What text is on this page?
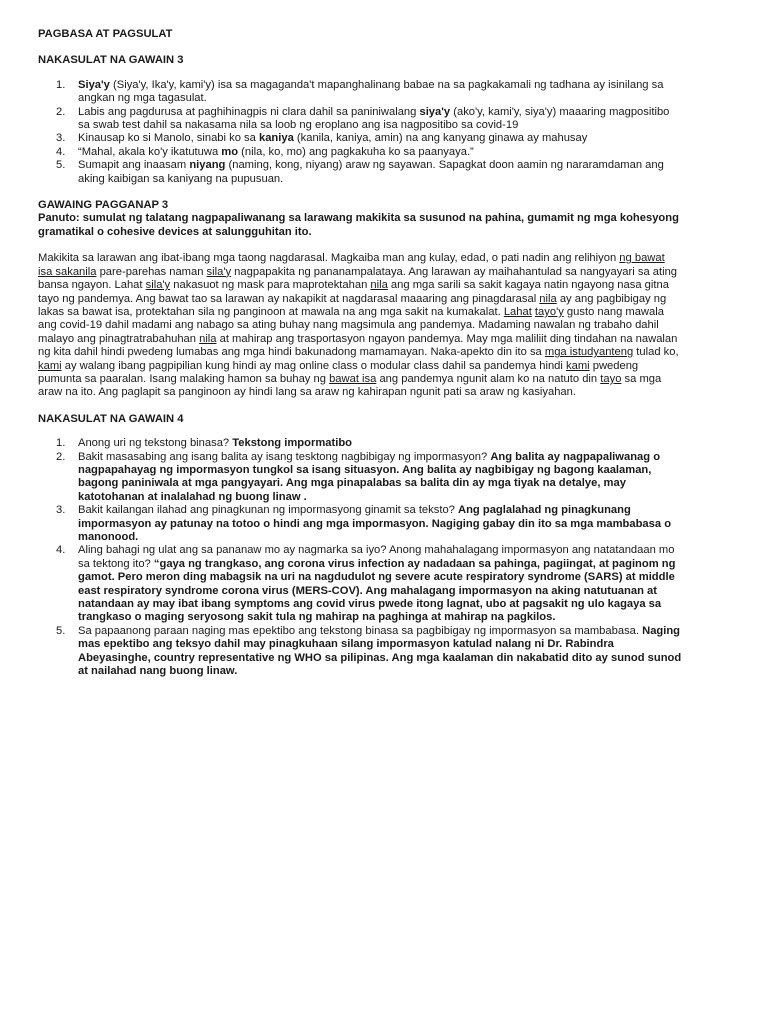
PAGBASA AT PAGSULAT

NAKASULAT NA GAWAIN 3

1. Siya'y (Siya'y, Ika'y, kami'y) isa sa magaganda't mapanghalinang babae na sa pagkakamali ng tadhana ay isinilang sa angkan ng mga tagasulat.
2. Labis ang pagdurusa at paghihinagpis ni clara dahil sa paniniwalang siya'y (ako'y, kami'y, siya'y) maaaring magpositibo sa swab test dahil sa nakasama nila sa loob ng eroplano ang isa nagpositibo sa covid-19
3. Kinausap ko si Manolo, sinabi ko sa kaniya (kanila, kaniya, amin) na ang kanyang ginawa ay mahusay
4. “Mahal, akala ko'y ikatutuwa mo (nila, ko, mo) ang pagkakuha ko sa paanyaya.”
5. Sumapit ang inaasam niyang (naming, kong, niyang) araw ng sayawan. Sapagkat doon aamin ng nararamdaman ang aking kaibigan sa kaniyang na pupusuan.

GAWAING PAGGANAP 3

Panuto: sumulat ng talatang nagpapaliwanang sa larawang makikita sa susunod na pahina, gumamit ng mga kohesyong gramatikal o cohesive devices at salungguhitan ito.

Makikita sa larawan ang ibat-ibang mga taong nagdarasal. Magkaiba man ang kulay, edad, o pati nadin ang relihiyon ng bawat isa sakanila pare-parehas naman sila'y nagpapakita ng pananampalataya. Ang larawan ay maihahantulad sa nangyayari sa ating bansa ngayon. Lahat sila'y nakasuot ng mask para maprotektahan nila ang mga sarili sa sakit kagaya natin ngayong nasa gitna tayo ng pandemya. Ang bawat tao sa larawan ay nakapikit at nagdarasal maaaring ang pinagdarasal nila ay ang pagbibigay ng lakas sa bawat isa, protektahan sila ng panginoon at mawala na ang mga sakit na kumakalat. Lahat tayo'y gusto nang mawala ang covid-19 dahil madami ang nabago sa ating buhay nang magsimula ang pandemya. Madaming nawalan ng trabaho dahil malayo ang pinagtratrabahuhan nila at mahirap ang trasportasyon ngayon pandemya. May mga maliliit ding tindahan na nawalan ng kita dahil hindi pwedeng lumabas ang mga hindi bakunadong mamamayan. Naka-apekto din ito sa mga istudyanteng tulad ko, kami ay walang ibang pagpipilian kung hindi ay mag online class o modular class dahil sa pandemya hindi kami pwedeng pumunta sa paaralan. Isang malaking hamon sa buhay ng bawat isa ang pandemya ngunit alam ko na natuto din tayo sa mga araw na ito. Ang paglapit sa panginoon ay hindi lang sa araw ng kahirapan ngunit pati sa araw ng kasiyahan.

NAKASULAT NA GAWAIN 4

1. Anong uri ng tekstong binasa? Tekstong impormatibo
2. Bakit masasabing ang isang balita ay isang tesktong nagbibigay ng impormasyon? Ang balita ay nagpapaliwanag o nagpapahayag ng impormasyon tungkol sa isang situasyon. Ang balita ay nagbibigay ng bagong kaalaman, bagong paniniwala at mga pangyayari. Ang mga pinapalabas sa balita din ay mga tiyak na detalye, may katotohanan at inalalahad ng buong linaw .
3. Bakit kailangan ilahad ang pinagkunan ng impormasyong ginamit sa teksto? Ang paglalahad ng pinagkunang impormasyon ay patunay na totoo o hindi ang mga impormasyon. Nagiging gabay din ito sa mga mambabasa o manonood.
4. Aling bahagi ng ulat ang sa pananaw mo ay nagmarka sa iyo? Anong mahahalagang impormasyon ang natatandaan mo sa tektong ito? “gaya ng trangkaso, ang corona virus infection ay nadadaan sa pahinga, pagiingat, at paginom ng gamot. Pero meron ding mabagsik na uri na nagdudulot ng severe acute respiratory syndrome (SARS) at middle east respiratory syndrome corona virus (MERS-COV). Ang mahalagang impormasyon na aking natutuanan at natandaan ay may ibat ibang symptoms ang covid virus pwede itong lagnat, ubo at pagsakit ng ulo kagaya sa trangkaso o maging seryosong sakit tula ng mahirap na paghinga at mahirap na pagkilos.
5. Sa papaanong paraan naging mas epektibo ang tekstong binasa sa pagbibigay ng impormasyon sa mambabasa. Naging mas epektibo ang teksyo dahil may pinagkuhaan silang impormasyon katulad nalang ni Dr. Rabindra Abeyasinghe, country representative ng WHO sa pilipinas. Ang mga kaalaman din nakabatid dito ay sunod sunod at nailahad nang buong linaw.
